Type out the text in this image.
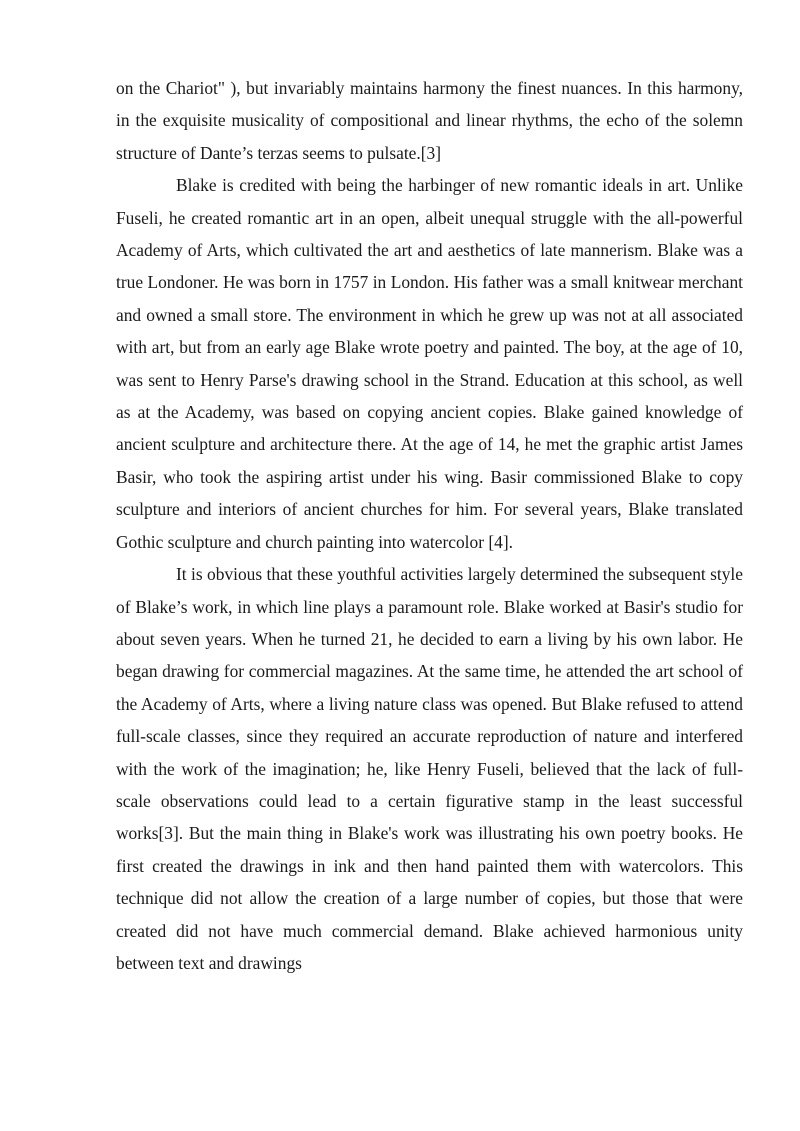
on the Chariot" ), but invariably maintains harmony the finest nuances. In this harmony, in the exquisite musicality of compositional and linear rhythms, the echo of the solemn structure of Dante’s terzas seems to pulsate.[3]

Blake is credited with being the harbinger of new romantic ideals in art. Unlike Fuseli, he created romantic art in an open, albeit unequal struggle with the all-powerful Academy of Arts, which cultivated the art and aesthetics of late mannerism. Blake was a true Londoner. He was born in 1757 in London. His father was a small knitwear merchant and owned a small store. The environment in which he grew up was not at all associated with art, but from an early age Blake wrote poetry and painted. The boy, at the age of 10, was sent to Henry Parse's drawing school in the Strand. Education at this school, as well as at the Academy, was based on copying ancient copies. Blake gained knowledge of ancient sculpture and architecture there. At the age of 14, he met the graphic artist James Basir, who took the aspiring artist under his wing. Basir commissioned Blake to copy sculpture and interiors of ancient churches for him. For several years, Blake translated Gothic sculpture and church painting into watercolor [4].

It is obvious that these youthful activities largely determined the subsequent style of Blake’s work, in which line plays a paramount role. Blake worked at Basir's studio for about seven years. When he turned 21, he decided to earn a living by his own labor. He began drawing for commercial magazines. At the same time, he attended the art school of the Academy of Arts, where a living nature class was opened. But Blake refused to attend full-scale classes, since they required an accurate reproduction of nature and interfered with the work of the imagination; he, like Henry Fuseli, believed that the lack of full-scale observations could lead to a certain figurative stamp in the least successful works[3]. But the main thing in Blake's work was illustrating his own poetry books. He first created the drawings in ink and then hand painted them with watercolors. This technique did not allow the creation of a large number of copies, but those that were created did not have much commercial demand. Blake achieved harmonious unity between text and drawings
